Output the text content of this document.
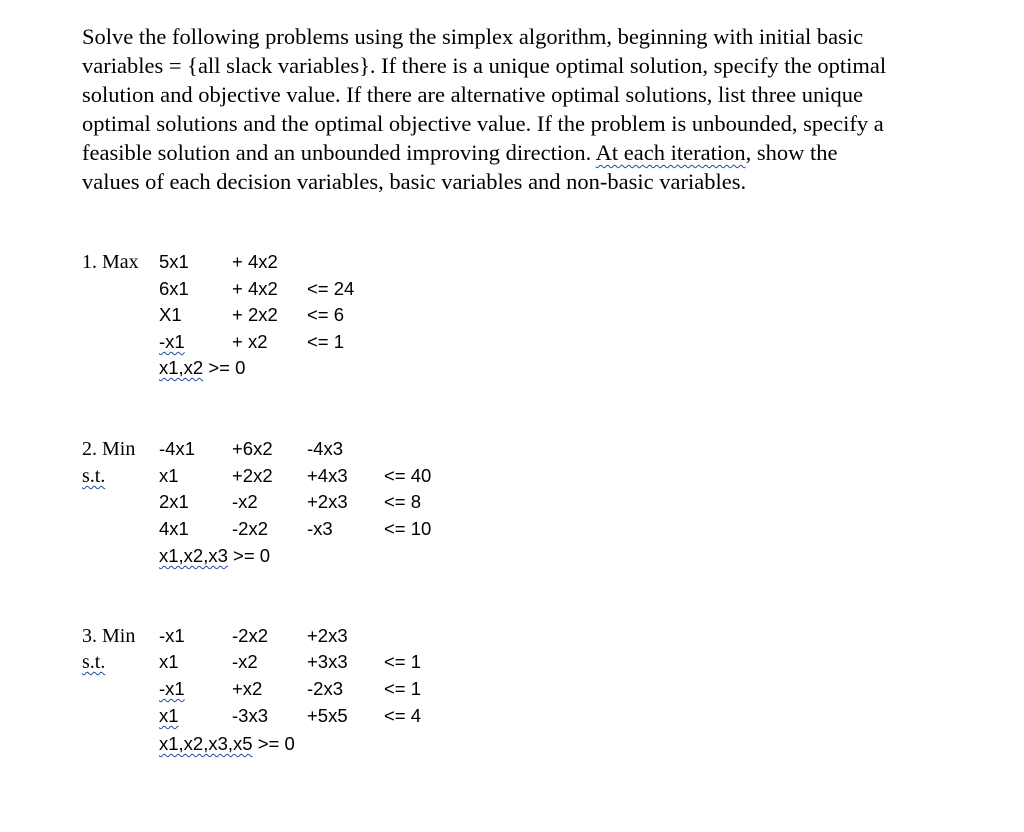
Solve the following problems using the simplex algorithm, beginning with initial basic

variables = {all slack variables}. If there is a unique optimal solution, specify the optimal

solution and objective value. If there are alternative optimal solutions, list three unique

optimal solutions and the optimal objective value. If the problem is unbounded, specify a

feasible solution and an unbounded improving direction. At each iteration, show the

values of each decision variables, basic variables and non-basic variables.

1. Max 5x1 + 4x2
6x1 + 4x2 <= 24
X1	+ 2x2 <= 6
-x1	+ x2 <= 1
x1,x2 >= 0
2. Min -4x1 +6x2 -4x3
s.t.	x1	+2x2 +4x3 <= 40
2x1 -x2	+2x3 <= 8
4x1 -2x2 -x3	<= 10
x1,x2,x3 >= 0
3. Min -x1	-2x2 +2x3
s.t.	x1	-x2	+3x3 <= 1
-x1	+x2 -2x3 <= 1
x1	-3x3 +5x5 <= 4
x1,x2,x3,x5 >= 0
